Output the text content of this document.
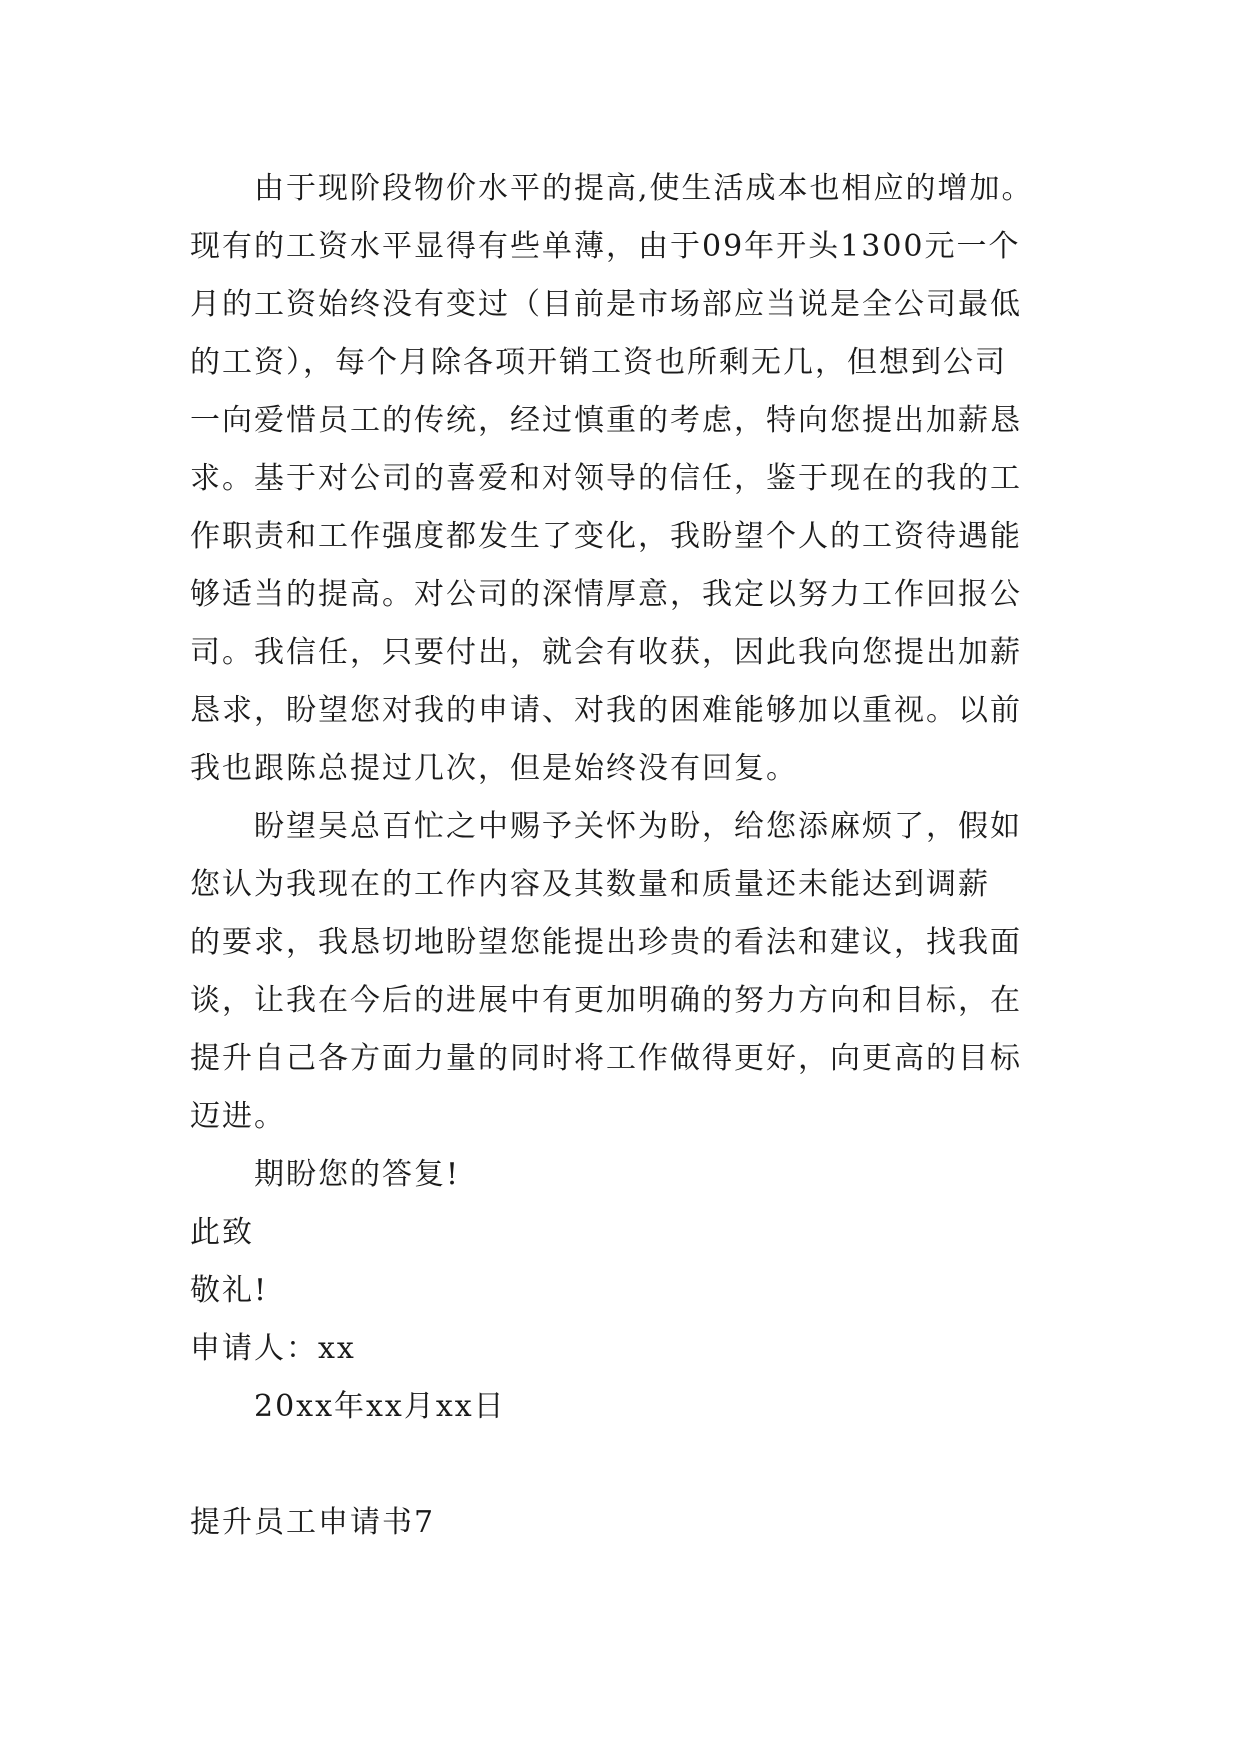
由于现阶段物价水平的提高,使生活成本也相应的增加。
现有的工资水平显得有些单薄，由于09年开头1300元一个
月的工资始终没有变过（目前是市场部应当说是全公司最低
的工资），每个月除各项开销工资也所剩无几，但想到公司
一向爱惜员工的传统，经过慎重的考虑，特向您提出加薪恳
求。基于对公司的喜爱和对领导的信任，鉴于现在的我的工
作职责和工作强度都发生了变化，我盼望个人的工资待遇能
够适当的提高。对公司的深情厚意，我定以努力工作回报公
司。我信任，只要付出，就会有收获，因此我向您提出加薪
恳求，盼望您对我的申请、对我的困难能够加以重视。以前
我也跟陈总提过几次，但是始终没有回复。
盼望吴总百忙之中赐予关怀为盼，给您添麻烦了，假如
您认为我现在的工作内容及其数量和质量还未能达到调薪
的要求，我恳切地盼望您能提出珍贵的看法和建议，找我面
谈，让我在今后的进展中有更加明确的努力方向和目标，在
提升自己各方面力量的同时将工作做得更好，向更高的目标
迈进。
期盼您的答复!
此致
敬礼!
申请人：xx
20xx年xx月xx日
提升员工申请书7
